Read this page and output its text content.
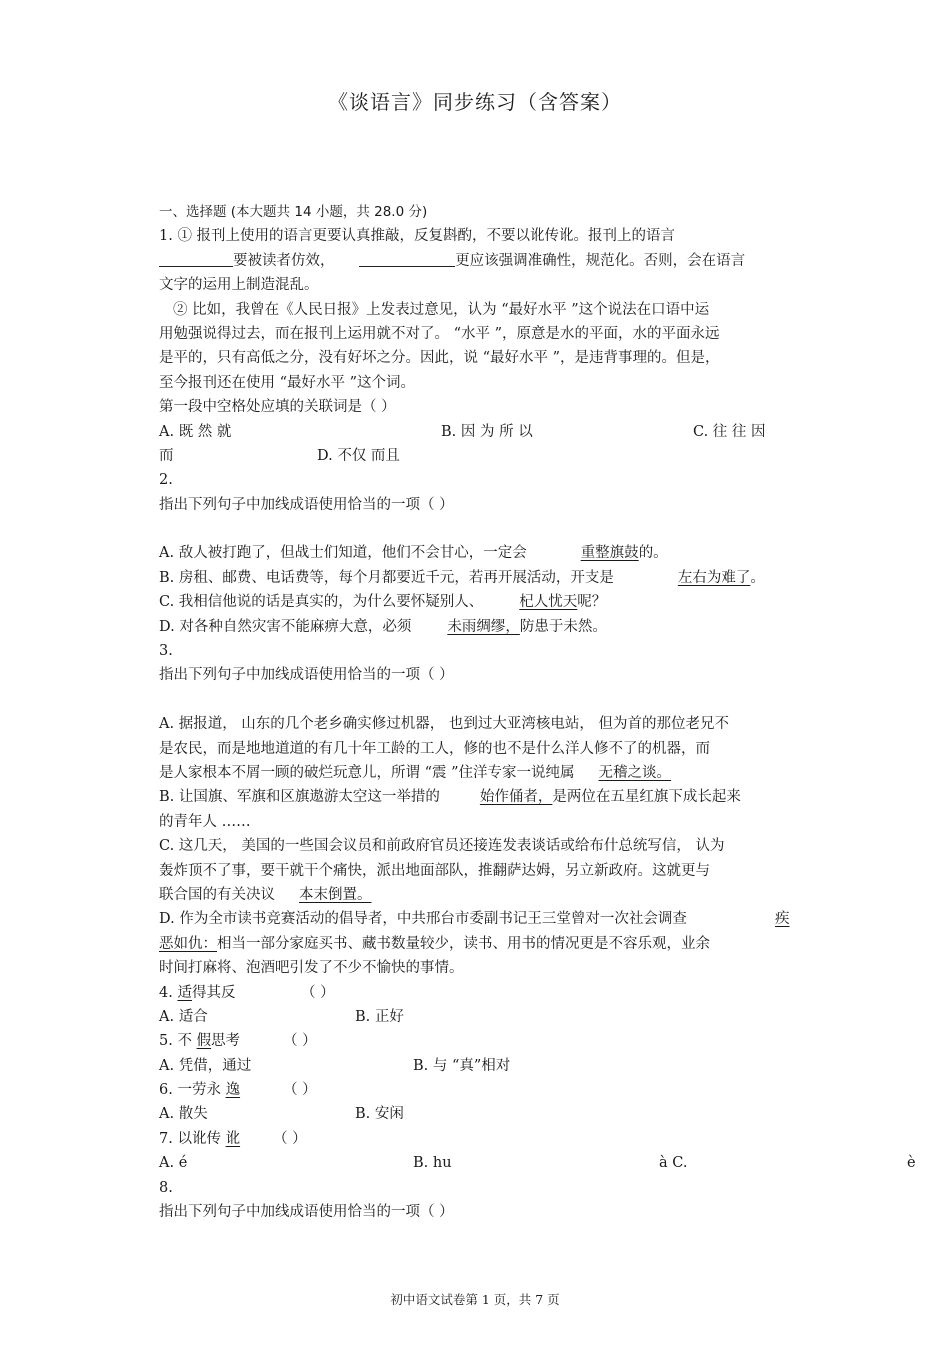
《谈语言》同步练习（含答案）
一、选择题 (本大题共 14 小题，共 28.0 分)
1. ① 报刊上使用的语言更要认真推敲，反复斟酌，不要以讹传讹。报刊上的语言
要被读者仿效，	更应该强调准确性，规范化。否则，会在语言
文字的运用上制造混乱。
② 比如，我曾在《人民日报》上发表过意见，认为 “最好水平 ”这个说法在口语中运
用勉强说得过去，而在报刊上运用就不对了。 “水平 ”，原意是水的平面，水的平面永远
是平的，只有高低之分，没有好坏之分。因此，说 “最好水平 ”，是违背事理的。但是，
至今报刊还在使用 “最好水平 ”这个词。
第一段中空格处应填的关联词是（ ）
A. 既 然 就	B. 因 为 所 以	C. 往 往 因
而	D. 不仅 而且
2.
指出下列句子中加线成语使用恰当的一项（ ）
A. 敌人被打跑了，但战士们知道，他们不会甘心，一定会	重整旗鼓的。
B. 房租、邮费、电话费等，每个月都要近千元，若再开展活动，开支是	左右为难了。
C. 我相信他说的话是真实的，为什么要怀疑别人、 杞人忧天呢？
D. 对各种自然灾害不能麻痹大意，必须 未雨绸缪，防患于未然。
3.
指出下列句子中加线成语使用恰当的一项（ ）
A. 据报道， 山东的几个老乡确实修过机器， 也到过大亚湾核电站， 但为首的那位老兄不
是农民，而是地地道道的有几十年工龄的工人，修的也不是什么洋人修不了的机器，而
是人家根本不屑一顾的破烂玩意儿，所谓 “震 ”住洋专家一说纯属 无稽之谈。
B. 让国旗、军旗和区旗遨游太空这一举措的	始作俑者，是两位在五星红旗下成长起来
的青年人 ……
C. 这几天， 美国的一些国会议员和前政府官员还接连发表谈话或给布什总统写信， 认为
轰炸顶不了事，要干就干个痛快，派出地面部队，推翻萨达姆，另立新政府。这就更与
联合国的有关决议 本末倒置。
D. 作为全市读书竞赛活动的倡导者，中共邢台市委副书记王三堂曾对一次社会调查	疾
恶如仇：相当一部分家庭买书、藏书数量较少，读书、用书的情况更是不容乐观，业余
时间打麻将、泡酒吧引发了不少不愉快的事情。
4. 适得其反	（ ）
A. 适合	B. 正好
5. 不 假思考	（ ）
A. 凭借，通过	B. 与 “真”相对
6. 一劳永 逸	（ ）
A. 散失	B. 安闲
7. 以讹传 讹 （ ）
A. é	B. hu	à C.	è
8.
指出下列句子中加线成语使用恰当的一项（ ）
初中语文试卷第 1 页，共 7 页
